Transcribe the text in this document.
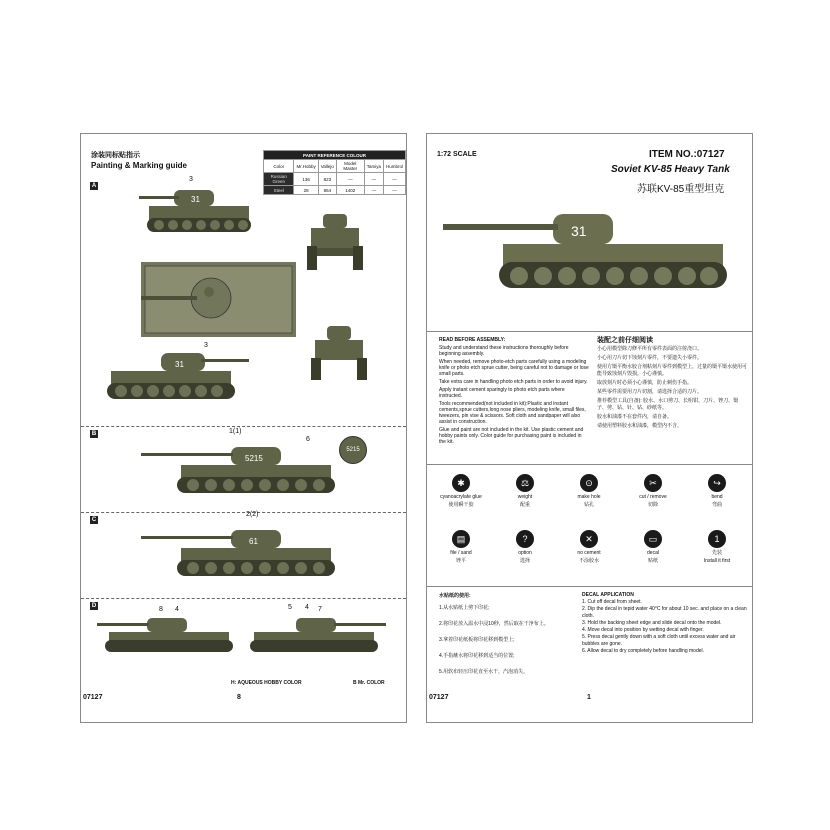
涂装同标贴指示
Painting & Marking guide
PAINT REFERENCE COLOUR					
Color	Mr.Hobby	Vallejo	Model Master	Tamiya	Humbrol
Russian Green	136	823	—	—	—
Steel	28	864	1402	—	—
A
3
31
3
31
B	1(1)
6
5215
5215
C
2(2)
61
D	8 4	5 4 7
H: AQUEOUS HOBBY COLOR	B Mr. COLOR
07127	8
1:72 SCALE	ITEM NO.:07127
Soviet KV-85 Heavy Tank
苏联KV-85重型坦克
31

READ BEFORE ASSEMBLY:

Study and understand these instructions thoroughly before beginning assembly.

When needed, remove photo-etch parts carefully using a modeling knife or photo etch sprue cutter, being careful not to damage or lose small parts.

Take extra care in handling photo etch parts in order to avoid injury.

Apply instant cement sparingly to photo etch parts where instructed.

Tools recommended(not included in kit):Plastic and instant cements,sprue cutters,long nose pliers, modeling knife, small files, tweezers, pin vise & scissors. Soft cloth and sandpaper will also assist in construction.

Glue and paint are not included in the kit. Use plastic cement and hobby paints only. Color guide for purchasing paint is included in the kit.

装配之前仔细阅读

小心用模型除刀修平所有零件表面的注射浇口。

小心用刀片切下蚀刻片零件，不要遗失小零件。

使用方镊平衡水胶合剂粘刻片零件到模型上，过量的镊平镊水使用可能导致蚀刻片毁损。小心谨慎。

取放刻片时必须小心谨慎，防止刺伤手指。

某些零件需要用刀片切割，请选择合适的刀片。

推荐模型工具(自备): 胶水、水口剪刀、长咀钳、刀片、锉刀、镊子、剪、钻、针、钻、砂纸等。

胶水和油漆不在套件内，请自备。

请使用塑料胶水和油漆，模型内不含。

✱
cyanoacrylate glue
使用瞬干胶
⚖
weight
配重
⊙
make hole
钻孔
✂
cut / remove
切除
↪
bend
弯曲
▤
file / sand
锉平
?
option
选择
✕
no cement
不涂胶水
▭
decal
贴纸
1
先装
Install it first
水贴纸的使用:
1.从水贴纸上剪下印花;
2.将印花放入温水中浸10秒，然后取在干净布上。
3.拿着印花纸板将印花移到模型上;
4.手指蘸水将印花移到适当的位置;
5.用软布轻压印花直至水干，汽泡消失。
DECAL APPLICATION
1. Cut off decal from sheet.
2. Dip the decal in tepid water 40°C for about 10 sec. and place on a clean cloth.
3. Hold the backing sheet edge and slide decal onto the model.
4. Move decal into position by wetting decal with finger.
5. Press decal gently down with a soft cloth until excess water and air bubbles are gone.
6. Allow decal to dry completely before handling model.
07127	1
